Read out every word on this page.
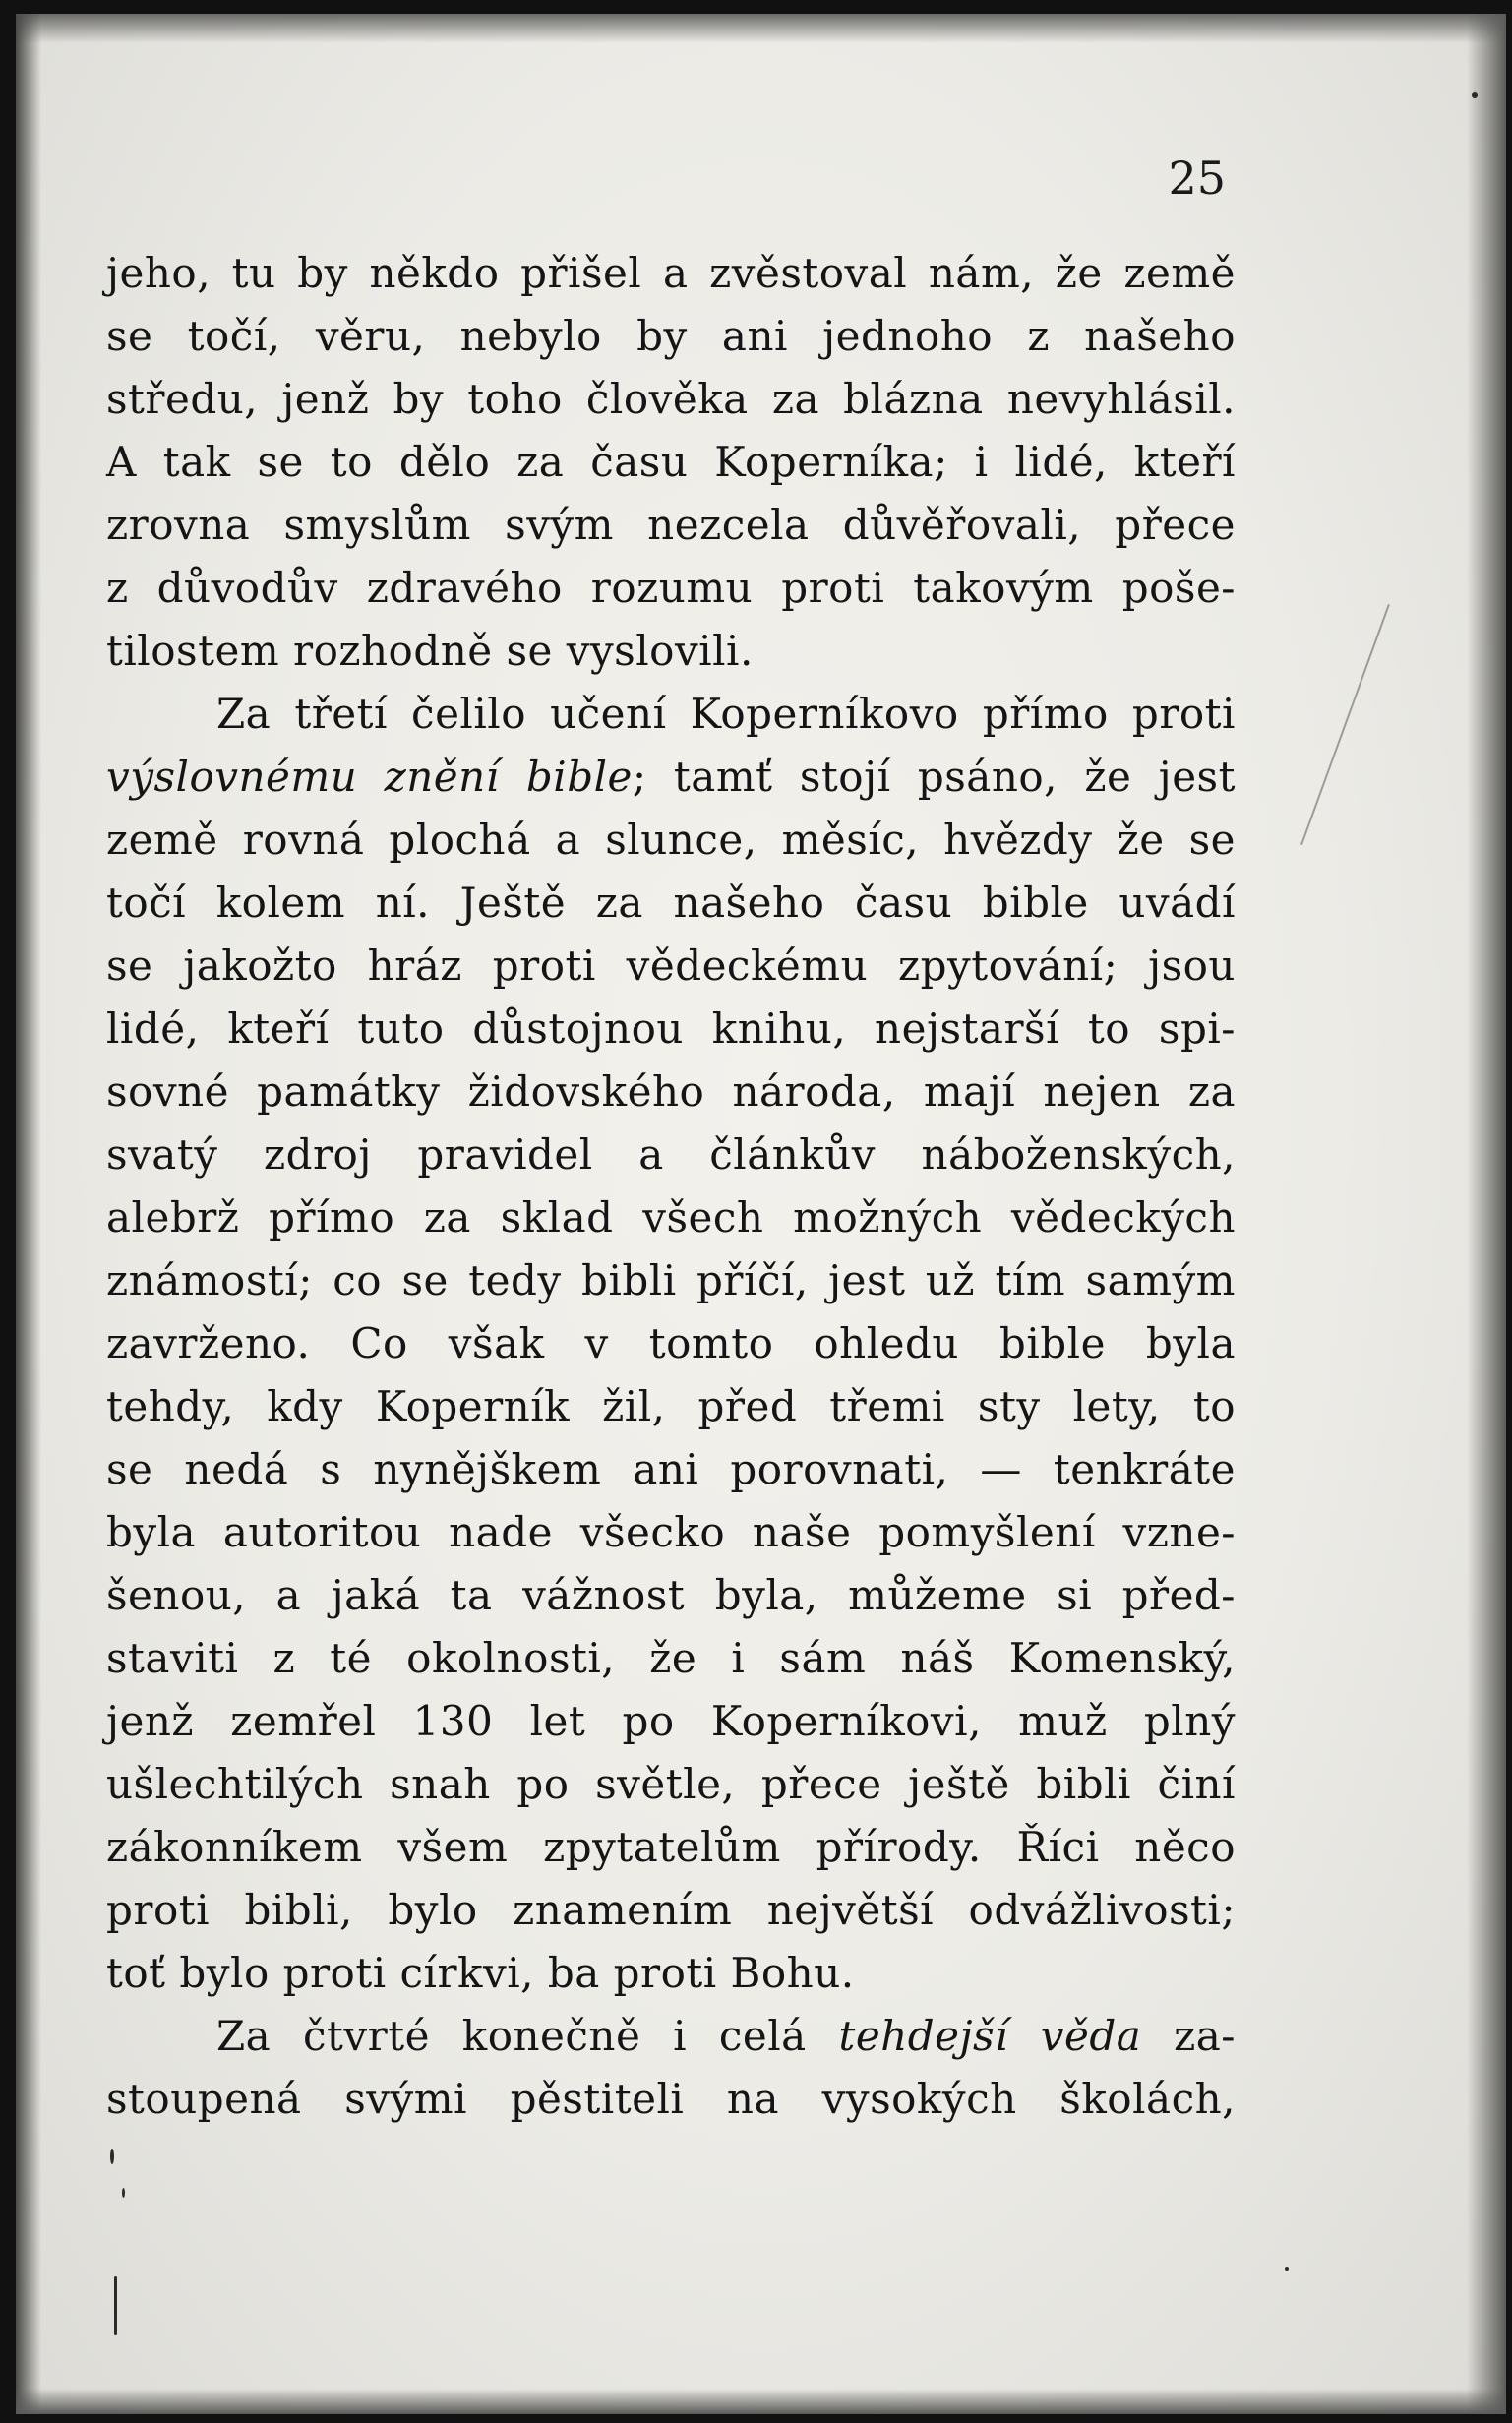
25
jeho, tu by někdo přišel a zvěstoval nám, že země
se točí, věru, nebylo by ani jednoho z našeho
středu, jenž by toho člověka za blázna nevyhlásil.
A tak se to dělo za času Koperníka; i lidé, kteří
zrovna smyslům svým nezcela důvěřovali, přece
z důvodův zdravého rozumu proti takovým poše-
tilostem rozhodně se vyslovili.
Za třetí čelilo učení Koperníkovo přímo proti
výslovnému znění bible; tamť stojí psáno, že jest
země rovná plochá a slunce, měsíc, hvězdy že se
točí kolem ní. Ještě za našeho času bible uvádí
se jakožto hráz proti vědeckému zpytování; jsou
lidé, kteří tuto důstojnou knihu, nejstarší to spi-
sovné památky židovského národa, mají nejen za
svatý zdroj pravidel a článkův náboženských,
alebrž přímo za sklad všech možných vědeckých
známostí; co se tedy bibli příčí, jest už tím samým
zavrženo. Co však v tomto ohledu bible byla
tehdy, kdy Koperník žil, před třemi sty lety, to
se nedá s nynějškem ani porovnati, — tenkráte
byla autoritou nade všecko naše pomyšlení vzne-
šenou, a jaká ta vážnost byla, můžeme si před-
staviti z té okolnosti, že i sám náš Komenský,
jenž zemřel 130 let po Koperníkovi, muž plný
ušlechtilých snah po světle, přece ještě bibli činí
zákonníkem všem zpytatelům přírody. Říci něco
proti bibli, bylo znamením největší odvážlivosti;
toť bylo proti církvi, ba proti Bohu.
Za čtvrté konečně i celá tehdejší věda za-
stoupená svými pěstiteli na vysokých školách,
